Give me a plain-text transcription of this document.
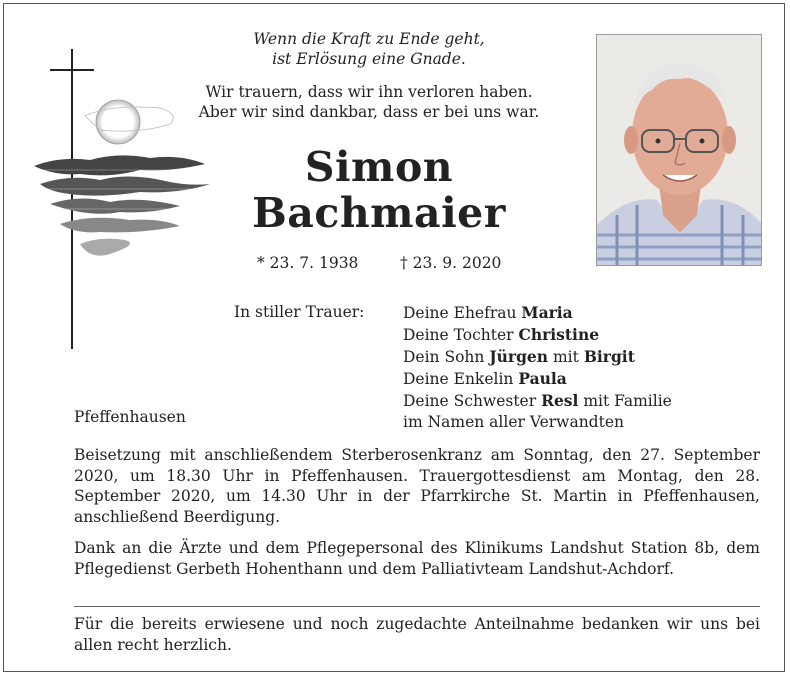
Wenn die Kraft zu Ende geht,
ist Erlösung eine Gnade.
Wir trauern, dass wir ihn verloren haben.
Aber wir sind dankbar, dass er bei uns war.
Simon
Bachmaier
* 23. 7. 1938	† 23. 9. 2020
In stiller Trauer: Deine Ehefrau Maria
Deine Tochter Christine
Dein Sohn Jürgen mit Birgit
Deine Enkelin Paula
Deine Schwester Resl mit Familie
im Namen aller Verwandten
Pfeffenhausen
Beisetzung mit anschließendem Sterberosenkranz am Sonntag, den 27. September 2020, um 18.30 Uhr in Pfeffenhausen. Trauergottesdienst am Montag, den 28. September 2020, um 14.30 Uhr in der Pfarrkirche St. Martin in Pfeffenhausen, anschließend Beerdigung.
Dank an die Ärzte und dem Pflegepersonal des Klinikums Landshut Station 8b, dem Pflegedienst Gerbeth Hohenthann und dem Palliativteam Landshut-Achdorf.
Für die bereits erwiesene und noch zugedachte Anteilnahme bedanken wir uns bei allen recht herzlich.
